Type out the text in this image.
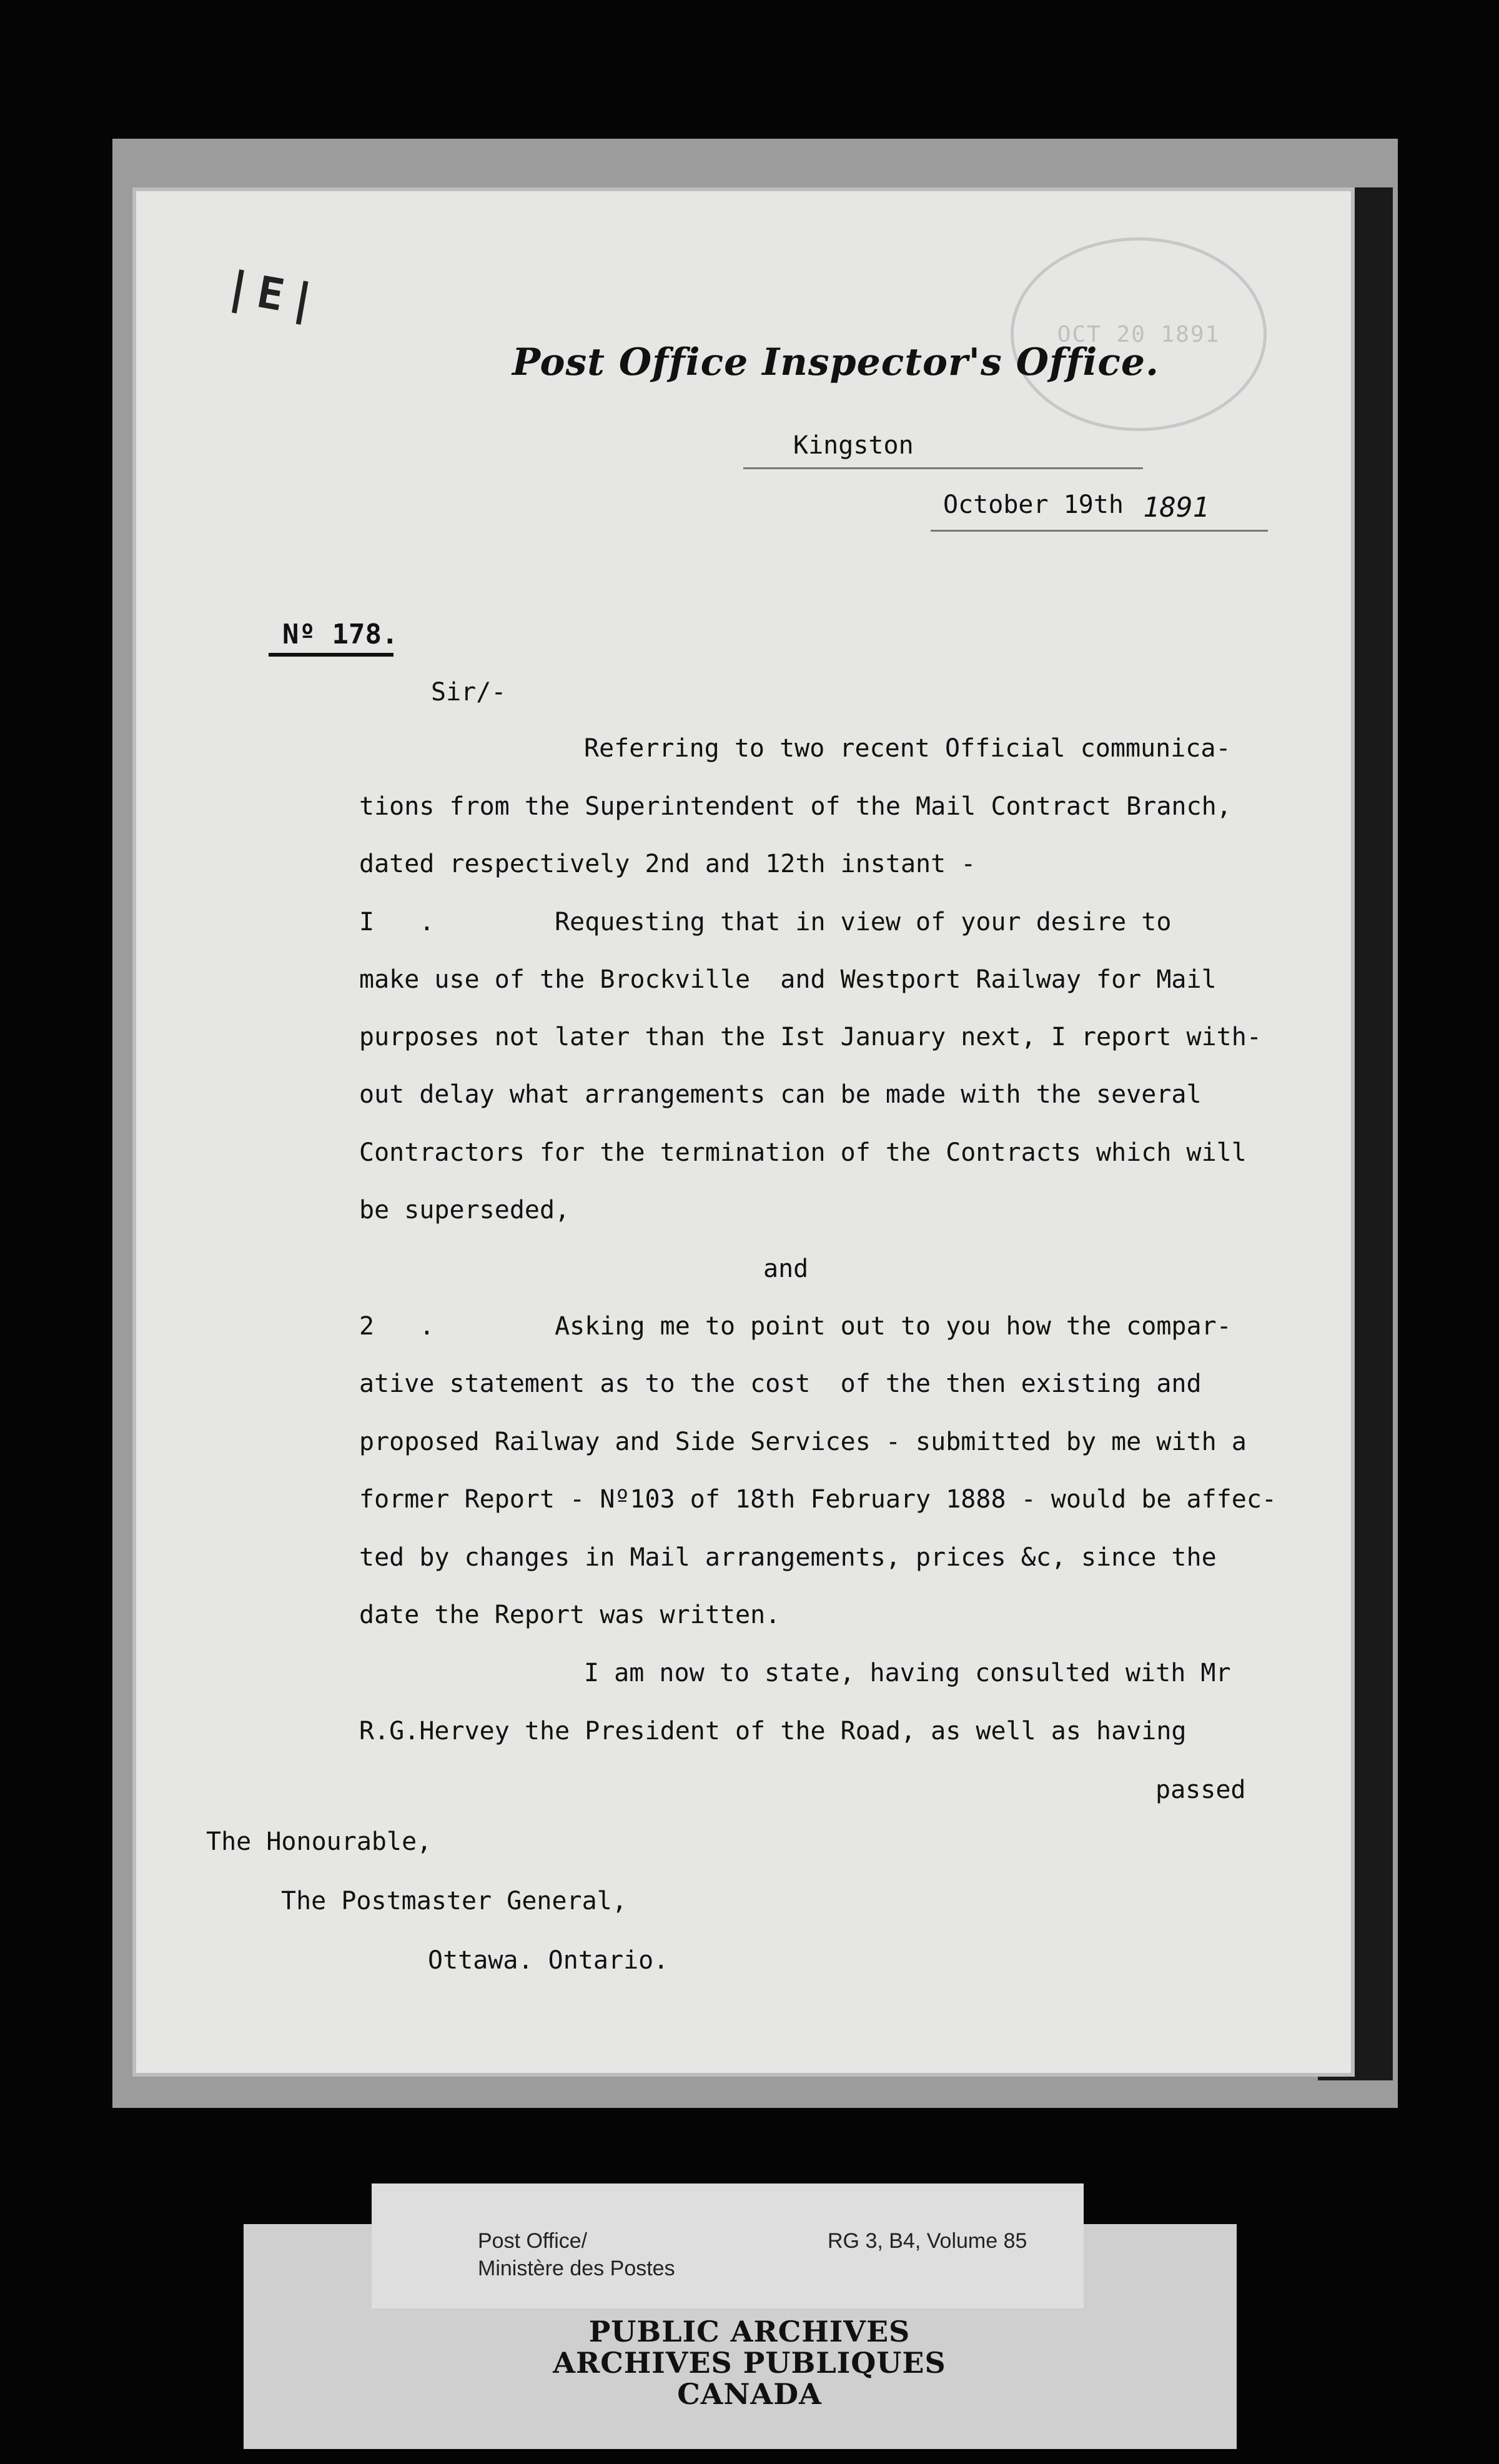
|E|
OCT 20 1891
Post Office Inspector's Office.
Kingston
October 19th 1891
Nº 178.
Sir/-
Referring to two recent Official communica-
tions from the Superintendent of the Mail Contract Branch,
dated respectively 2nd and 12th instant -
I   .        Requesting that in view of your desire to
make use of the Brockville  and Westport Railway for Mail
purposes not later than the Ist January next, I report with-
out delay what arrangements can be made with the several
Contractors for the termination of the Contracts which will
be superseded,
and
2   .        Asking me to point out to you how the compar-
ative statement as to the cost  of the then existing and
proposed Railway and Side Services - submitted by me with a
former Report - Nº103 of 18th February 1888 - would be affec-
ted by changes in Mail arrangements, prices &c, since the
date the Report was written.
I am now to state, having consulted with Mr
R.G.Hervey the President of the Road, as well as having
passed
The Honourable,
The Postmaster General,
Ottawa. Ontario.
Post Office/
Ministère des Postes
RG 3, B4, Volume 85
PUBLIC ARCHIVES
ARCHIVES PUBLIQUES
CANADA
